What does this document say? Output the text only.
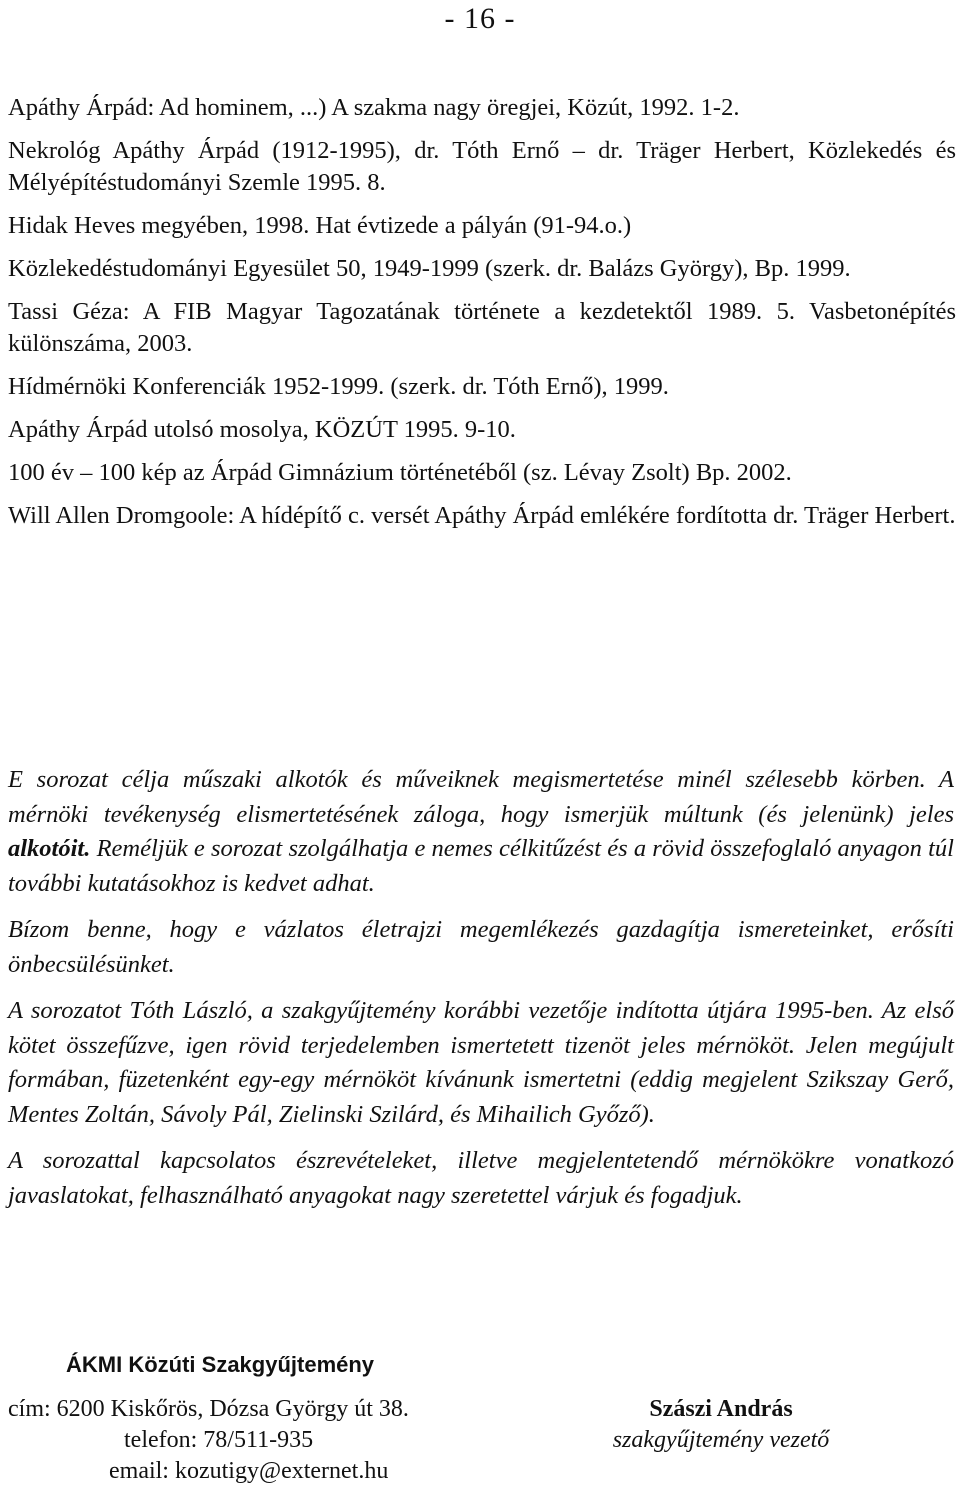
- 16 -

Apáthy Árpád: Ad hominem, ...) A szakma nagy öregjei, Közút, 1992. 1-2.

Nekrológ Apáthy Árpád (1912-1995), dr. Tóth Ernő – dr. Träger Herbert, Közlekedés és Mélyépítéstudományi Szemle 1995. 8.

Hidak Heves megyében, 1998. Hat évtizede a pályán (91-94.o.)

Közlekedéstudományi Egyesület 50, 1949-1999 (szerk. dr. Balázs György), Bp. 1999.

Tassi Géza: A FIB Magyar Tagozatának története a kezdetektől 1989. 5. Vasbetonépítés különszáma, 2003.

Hídmérnöki Konferenciák 1952-1999. (szerk. dr. Tóth Ernő), 1999.

Apáthy Árpád utolsó mosolya, KÖZÚT 1995. 9-10.

100 év – 100 kép az Árpád Gimnázium történetéből (sz. Lévay Zsolt) Bp. 2002.

Will Allen Dromgoole: A hídépítő c. versét Apáthy Árpád emlékére fordította dr. Träger Herbert.

E sorozat célja műszaki alkotók és műveiknek megismertetése minél szélesebb körben. A mérnöki tevékenység elismertetésének záloga, hogy ismerjük múltunk (és jelenünk) jeles alkotóit. Reméljük e sorozat szolgálhatja e nemes célkitűzést és a rövid összefoglaló anyagon túl további kutatásokhoz is kedvet adhat.

Bízom benne, hogy e vázlatos életrajzi megemlékezés gazdagítja ismereteinket, erősíti önbecsülésünket.

A sorozatot Tóth László, a szakgyűjtemény korábbi vezetője indította útjára 1995-ben. Az első kötet összefűzve, igen rövid terjedelemben ismertetett tizenöt jeles mérnököt. Jelen megújult formában, füzetenként egy-egy mérnököt kívánunk ismertetni (eddig megjelent Szikszay Gerő, Mentes Zoltán, Sávoly Pál, Zielinski Szilárd, és Mihailich Győző).

A sorozattal kapcsolatos észrevételeket, illetve megjelentetendő mérnökökre vonatkozó javaslatokat, felhasználható anyagokat nagy szeretettel várjuk és fogadjuk.

ÁKMI Közúti Szakgyűjtemény
cím: 6200 Kiskőrös, Dózsa György út 38.
telefon: 78/511-935
email: kozutigy@externet.hu
Szászi András
szakgyűjtemény vezető
